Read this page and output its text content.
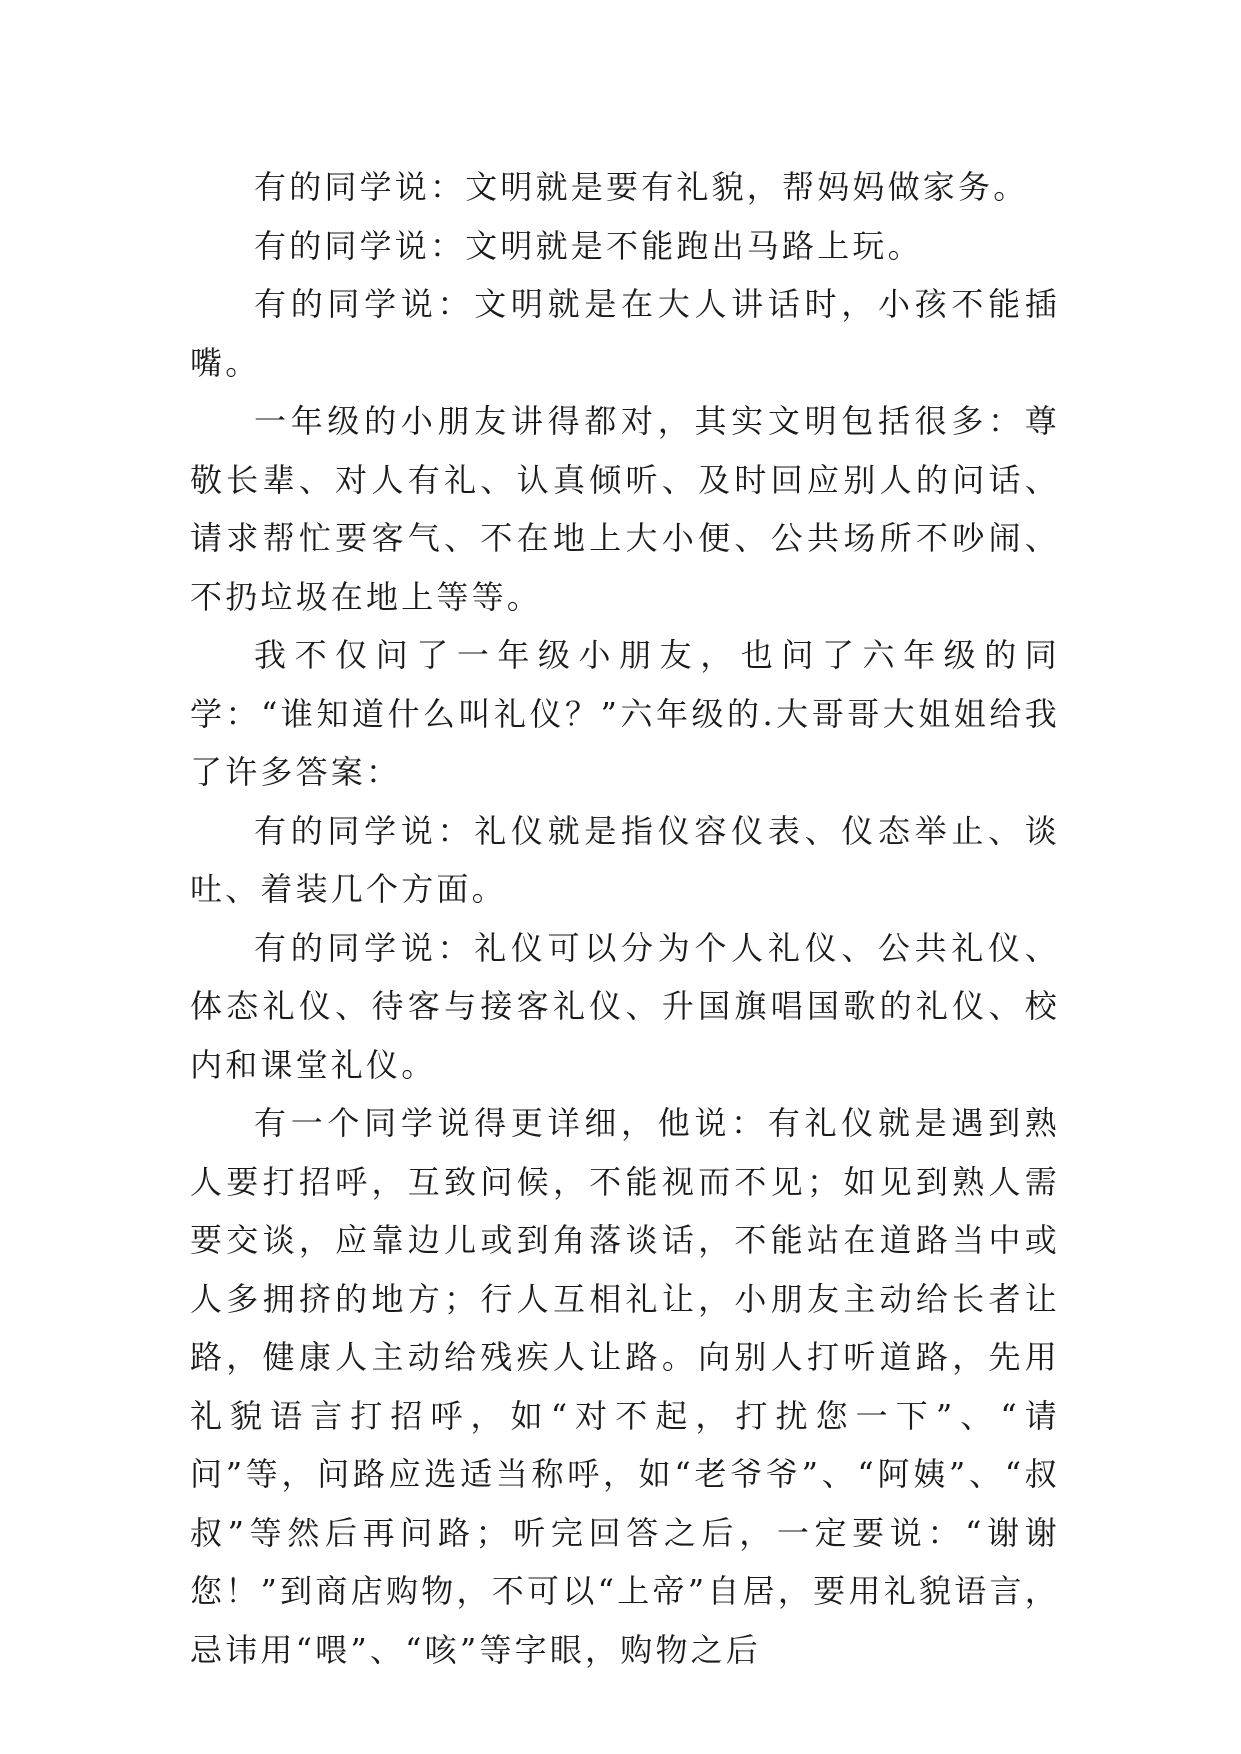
有的同学说：文明就是要有礼貌，帮妈妈做家务。

有的同学说：文明就是不能跑出马路上玩。

有的同学说：文明就是在大人讲话时，小孩不能插嘴。

一年级的小朋友讲得都对，其实文明包括很多：尊敬长辈、对人有礼、认真倾听、及时回应别人的问话、请求帮忙要客气、不在地上大小便、公共场所不吵闹、不扔垃圾在地上等等。

我不仅问了一年级小朋友，也问了六年级的同学：“谁知道什么叫礼仪？”六年级的.大哥哥大姐姐给我了许多答案：

有的同学说：礼仪就是指仪容仪表、仪态举止、谈吐、着装几个方面。

有的同学说：礼仪可以分为个人礼仪、公共礼仪、体态礼仪、待客与接客礼仪、升国旗唱国歌的礼仪、校内和课堂礼仪。

有一个同学说得更详细，他说：有礼仪就是遇到熟人要打招呼，互致问候，不能视而不见；如见到熟人需要交谈，应靠边儿或到角落谈话，不能站在道路当中或人多拥挤的地方；行人互相礼让，小朋友主动给长者让路，健康人主动给残疾人让路。向别人打听道路，先用礼貌语言打招呼，如“对不起，打扰您一下”、“请问”等，问路应选适当称呼，如“老爷爷”、“阿姨”、“叔叔”等然后再问路；听完回答之后，一定要说：“谢谢您！”到商店购物，不可以“上帝”自居，要用礼貌语言，忌讳用“喂”、“咳”等字眼，购物之后
